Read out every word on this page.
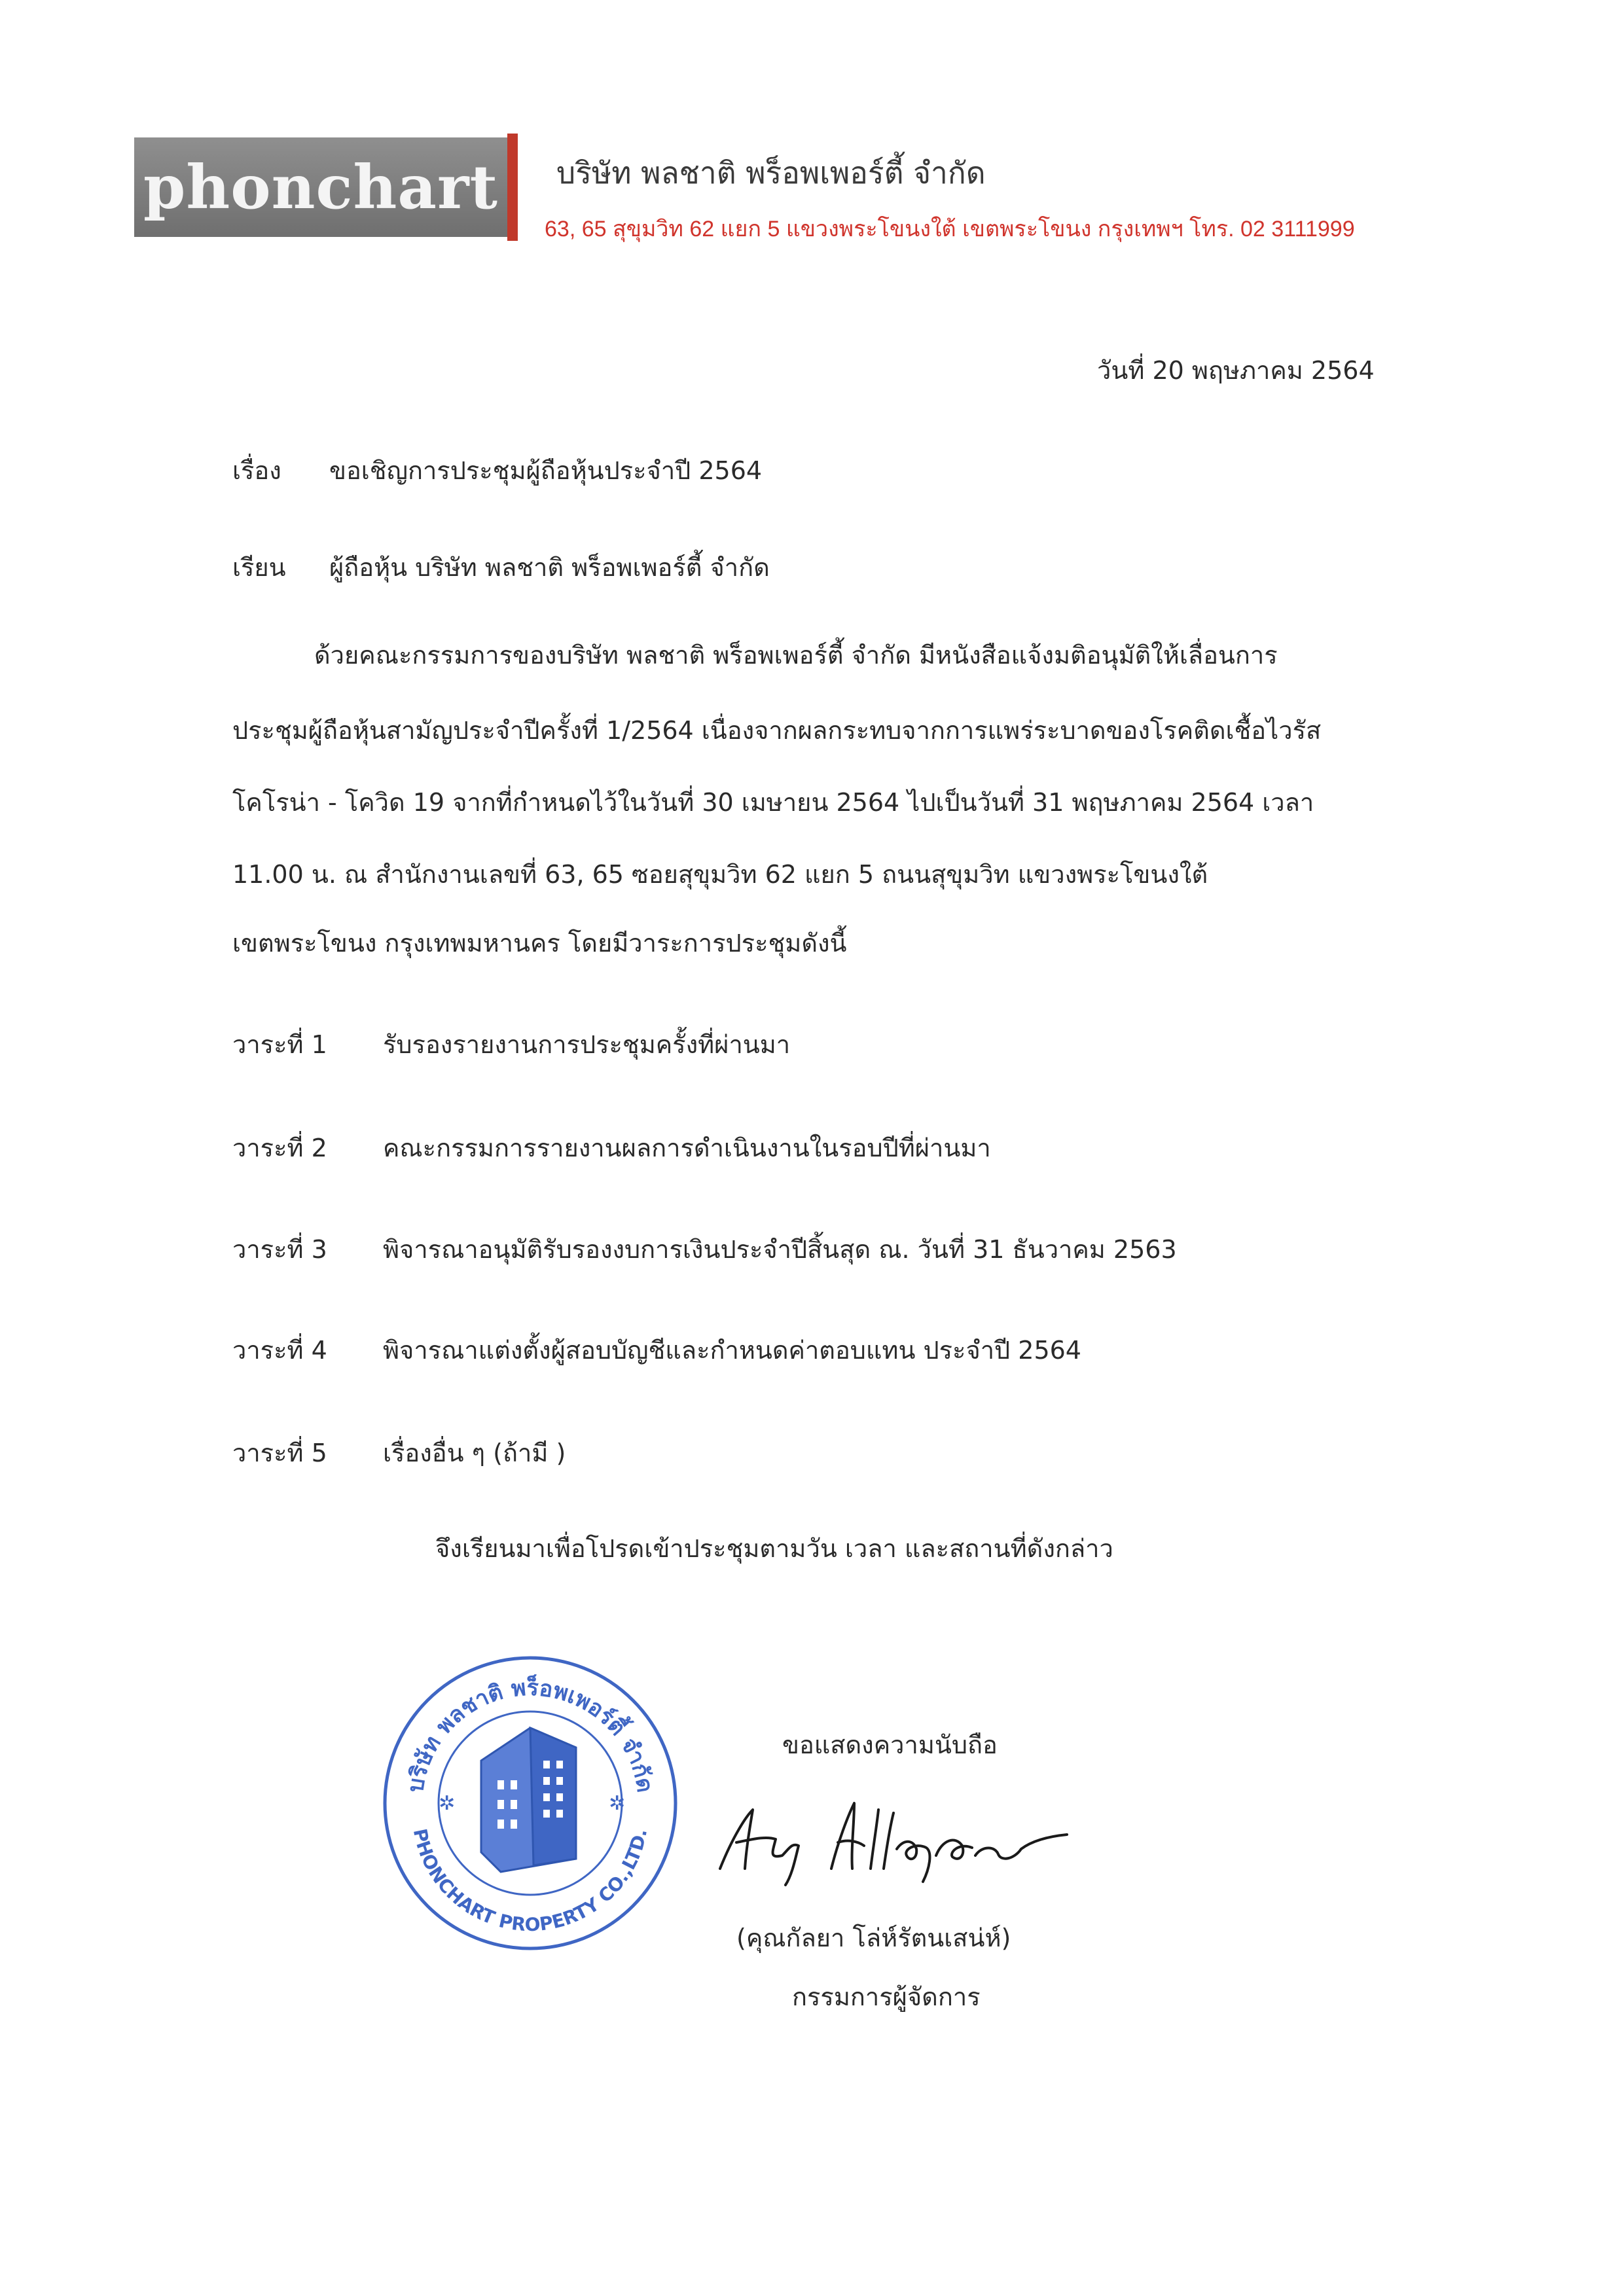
phonchart บริษัท พลชาติ พร็อพเพอร์ตี้ จำกัด
63, 65 สุขุมวิท 62 แยก 5 แขวงพระโขนงใต้ เขตพระโขนง กรุงเทพฯ โทร. 02 3111999
วันที่ 20 พฤษภาคม 2564
เรื่อง ขอเชิญการประชุมผู้ถือหุ้นประจำปี 2564
เรียน ผู้ถือหุ้น บริษัท พลชาติ พร็อพเพอร์ตี้ จำกัด
ด้วยคณะกรรมการของบริษัท พลชาติ พร็อพเพอร์ตี้ จำกัด มีหนังสือแจ้งมติอนุมัติให้เลื่อนการ
ประชุมผู้ถือหุ้นสามัญประจำปีครั้งที่ 1/2564 เนื่องจากผลกระทบจากการแพร่ระบาดของโรคติดเชื้อไวรัส
โคโรน่า - โควิด 19 จากที่กำหนดไว้ในวันที่ 30 เมษายน 2564 ไปเป็นวันที่ 31 พฤษภาคม 2564 เวลา
11.00 น. ณ สำนักงานเลขที่ 63, 65 ซอยสุขุมวิท 62 แยก 5 ถนนสุขุมวิท แขวงพระโขนงใต้
เขตพระโขนง กรุงเทพมหานคร โดยมีวาระการประชุมดังนี้
วาระที่ 1 รับรองรายงานการประชุมครั้งที่ผ่านมา
วาระที่ 2 คณะกรรมการรายงานผลการดำเนินงานในรอบปีที่ผ่านมา
วาระที่ 3 พิจารณาอนุมัติรับรองงบการเงินประจำปีสิ้นสุด ณ. วันที่ 31 ธันวาคม 2563
วาระที่ 4 พิจารณาแต่งตั้งผู้สอบบัญชีและกำหนดค่าตอบแทน ประจำปี 2564
วาระที่ 5 เรื่องอื่น ๆ (ถ้ามี )
จึงเรียนมาเพื่อโปรดเข้าประชุมตามวัน เวลา และสถานที่ดังกล่าว
บริษัท พลชาติ พร็อพเพอร์ตี้ จำกัด
PHONCHART PROPERTY CO.,LTD.
✲	✲
ขอแสดงความนับถือ
(คุณกัลยา โล่ห์รัตนเสน่ห์)
กรรมการผู้จัดการ
